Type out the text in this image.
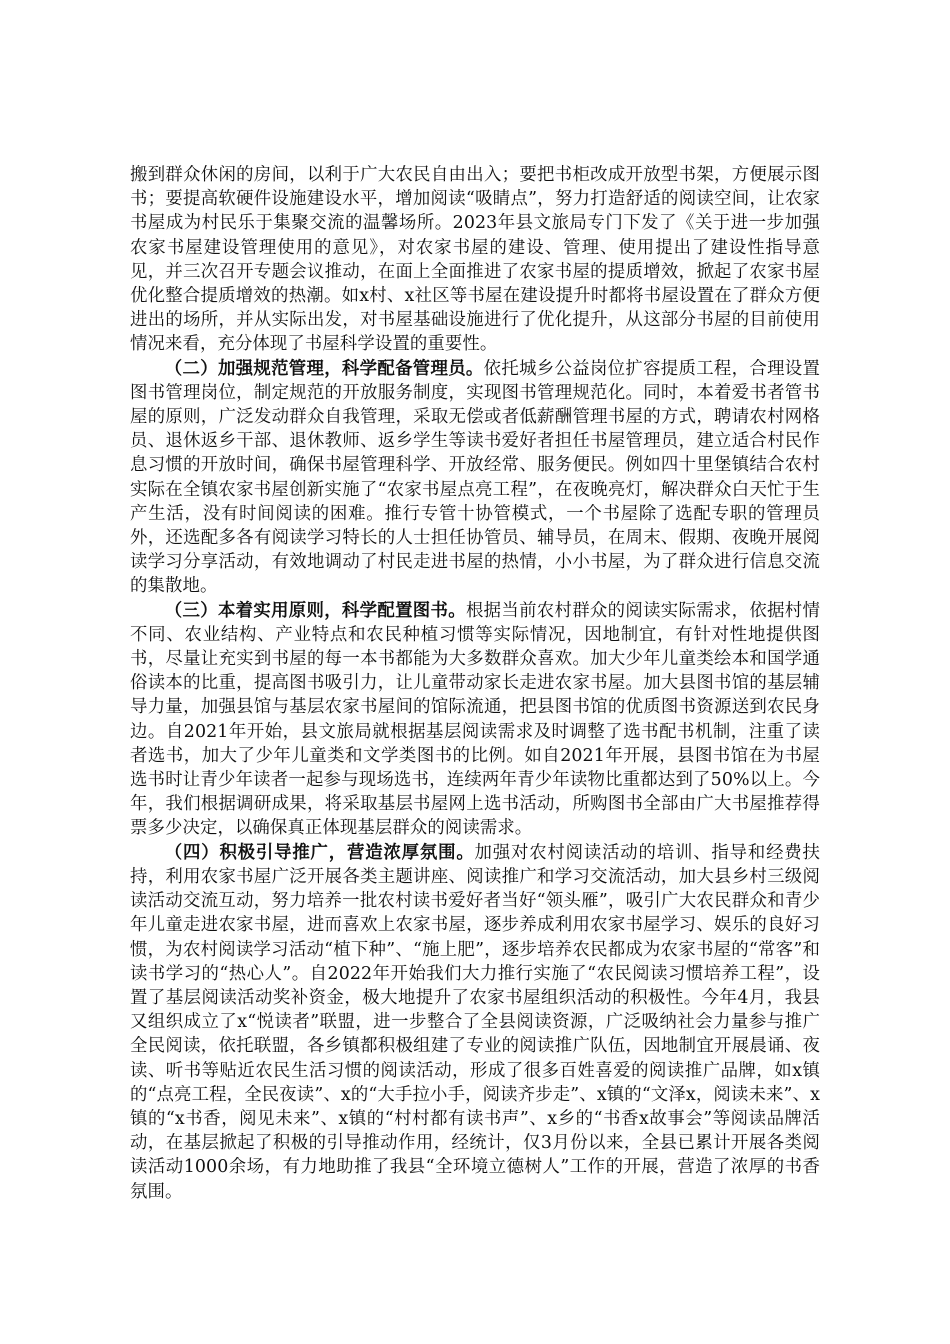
搬到群众休闲的房间，以利于广大农民自由出入；要把书柜改成开放型书架，方便展示图书；要提高软硬件设施建设水平，增加阅读“吸睛点”，努力打造舒适的阅读空间，让农家书屋成为村民乐于集聚交流的温馨场所。2023年县文旅局专门下发了《关于进一步加强农家书屋建设管理使用的意见》，对农家书屋的建设、管理、使用提出了建设性指导意见，并三次召开专题会议推动，在面上全面推进了农家书屋的提质增效，掀起了农家书屋优化整合提质增效的热潮。如x村、x社区等书屋在建设提升时都将书屋设置在了群众方便进出的场所，并从实际出发，对书屋基础设施进行了优化提升，从这部分书屋的目前使用情况来看，充分体现了书屋科学设置的重要性。

（二）加强规范管理，科学配备管理员。依托城乡公益岗位扩容提质工程，合理设置图书管理岗位，制定规范的开放服务制度，实现图书管理规范化。同时，本着爱书者管书屋的原则，广泛发动群众自我管理，采取无偿或者低薪酬管理书屋的方式，聘请农村网格员、退休返乡干部、退休教师、返乡学生等读书爱好者担任书屋管理员，建立适合村民作息习惯的开放时间，确保书屋管理科学、开放经常、服务便民。例如四十里堡镇结合农村实际在全镇农家书屋创新实施了“农家书屋点亮工程”，在夜晚亮灯，解决群众白天忙于生产生活，没有时间阅读的困难。推行专管十协管模式，一个书屋除了选配专职的管理员外，还选配多各有阅读学习特长的人士担任协管员、辅导员，在周末、假期、夜晚开展阅读学习分享活动，有效地调动了村民走进书屋的热情，小小书屋，为了群众进行信息交流的集散地。

（三）本着实用原则，科学配置图书。根据当前农村群众的阅读实际需求，依据村情不同、农业结构、产业特点和农民种植习惯等实际情况，因地制宜，有针对性地提供图书，尽量让充实到书屋的每一本书都能为大多数群众喜欢。加大少年儿童类绘本和国学通俗读本的比重，提高图书吸引力，让儿童带动家长走进农家书屋。加大县图书馆的基层辅导力量，加强县馆与基层农家书屋间的馆际流通，把县图书馆的优质图书资源送到农民身边。自2021年开始，县文旅局就根据基层阅读需求及时调整了选书配书机制，注重了读者选书，加大了少年儿童类和文学类图书的比例。如自2021年开展，县图书馆在为书屋选书时让青少年读者一起参与现场选书，连续两年青少年读物比重都达到了50%以上。今年，我们根据调研成果，将采取基层书屋网上选书活动，所购图书全部由广大书屋推荐得票多少决定，以确保真正体现基层群众的阅读需求。

（四）积极引导推广，营造浓厚氛围。加强对农村阅读活动的培训、指导和经费扶持，利用农家书屋广泛开展各类主题讲座、阅读推广和学习交流活动，加大县乡村三级阅读活动交流互动，努力培养一批农村读书爱好者当好“领头雁”，吸引广大农民群众和青少年儿童走进农家书屋，进而喜欢上农家书屋，逐步养成利用农家书屋学习、娱乐的良好习惯，为农村阅读学习活动“植下种”、“施上肥”，逐步培养农民都成为农家书屋的“常客”和读书学习的“热心人”。自2022年开始我们大力推行实施了“农民阅读习惯培养工程”，设置了基层阅读活动奖补资金，极大地提升了农家书屋组织活动的积极性。今年4月，我县又组织成立了x“悦读者”联盟，进一步整合了全县阅读资源，广泛吸纳社会力量参与推广全民阅读，依托联盟，各乡镇都积极组建了专业的阅读推广队伍，因地制宜开展晨诵、夜读、听书等贴近农民生活习惯的阅读活动，形成了很多百姓喜爱的阅读推广品牌，如x镇的“点亮工程，全民夜读”、x的“大手拉小手，阅读齐步走”、x镇的“文泽x，阅读未来”、x镇的“x书香，阅见未来”、x镇的“村村都有读书声”、x乡的“书香x故事会”等阅读品牌活动，在基层掀起了积极的引导推动作用，经统计，仅3月份以来，全县已累计开展各类阅读活动1000余场，有力地助推了我县“全环境立德树人”工作的开展，营造了浓厚的书香氛围。
